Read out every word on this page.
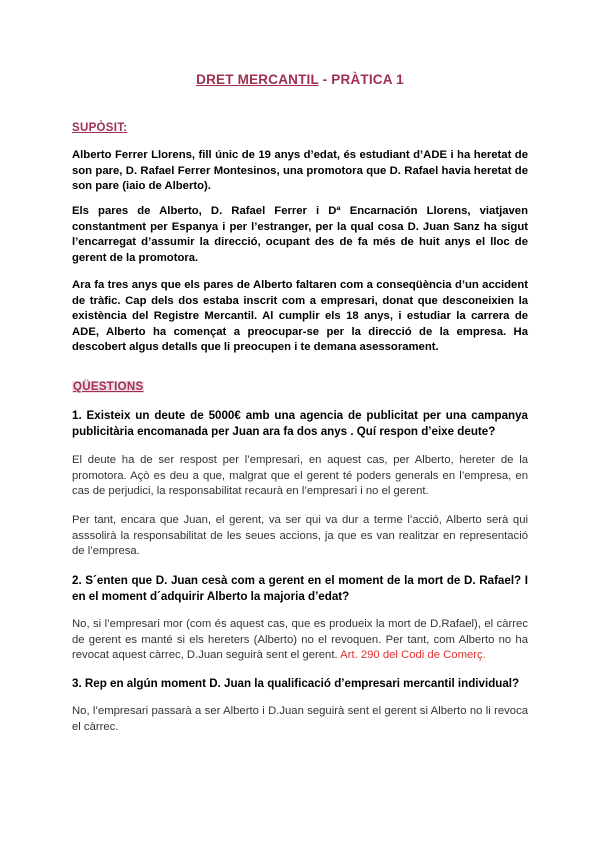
DRET MERCANTIL - PRÀTICA 1
SUPÒSIT:
Alberto Ferrer Llorens, fill únic de 19 anys d’edat, és estudiant d’ADE i ha heretat de son pare, D. Rafael Ferrer Montesinos, una promotora que D. Rafael havia heretat de son pare (iaio de Alberto).
Els pares de Alberto, D. Rafael Ferrer i Dª Encarnación Llorens, viatjaven constantment per Espanya i per l’estranger, per la qual cosa D. Juan Sanz ha sigut l’encarregat d’assumir la direcció, ocupant des de fa més de huit anys el lloc de gerent de la promotora.
Ara fa tres anys que els pares de Alberto faltaren com a conseqüència d’un accident de tràfic. Cap dels dos estaba inscrit com a empresari, donat que desconeixien la existència del Registre Mercantil. Al cumplir els 18 anys, i estudiar la carrera de ADE, Alberto ha començat a preocupar-se per la direcció de la empresa. Ha descobert algus detalls que li preocupen i te demana asessorament.
QÜESTIONS
1. Existeix un deute de 5000€ amb una agencia de publicitat per una campanya publicitària encomanada per Juan ara fa dos anys . Quí respon d’eixe deute?
El deute ha de ser respost per l’empresari, en aquest cas, per Alberto, hereter de la promotora. Açò es deu a que, malgrat que el gerent té poders generals en l’empresa, en cas de perjudici, la responsabilitat recaurà en l’empresari i no el gerent.
Per tant, encara que Juan, el gerent, va ser qui va dur a terme l’acció, Alberto serà qui asssolirà la responsabilitat de les seues accions, ja que es van realitzar en representació de l’empresa.
2. S´enten que D. Juan cesà com a gerent en el moment de la mort de D. Rafael? I en el moment d´adquirir Alberto la majoria d’edat?
No, si l’empresari mor (com és aquest cas, que es produeix la mort de D.Rafael), el càrrec de gerent es manté si els hereters (Alberto) no el revoquen. Per tant, com Alberto no ha revocat aquest càrrec, D.Juan seguirà sent el gerent. Art. 290 del Codi de Comerç.
3. Rep en algún moment D. Juan la qualificació d’empresari mercantil individual?
No, l’empresari passarà a ser Alberto i D.Juan seguirà sent el gerent si Alberto no li revoca el càrrec.
